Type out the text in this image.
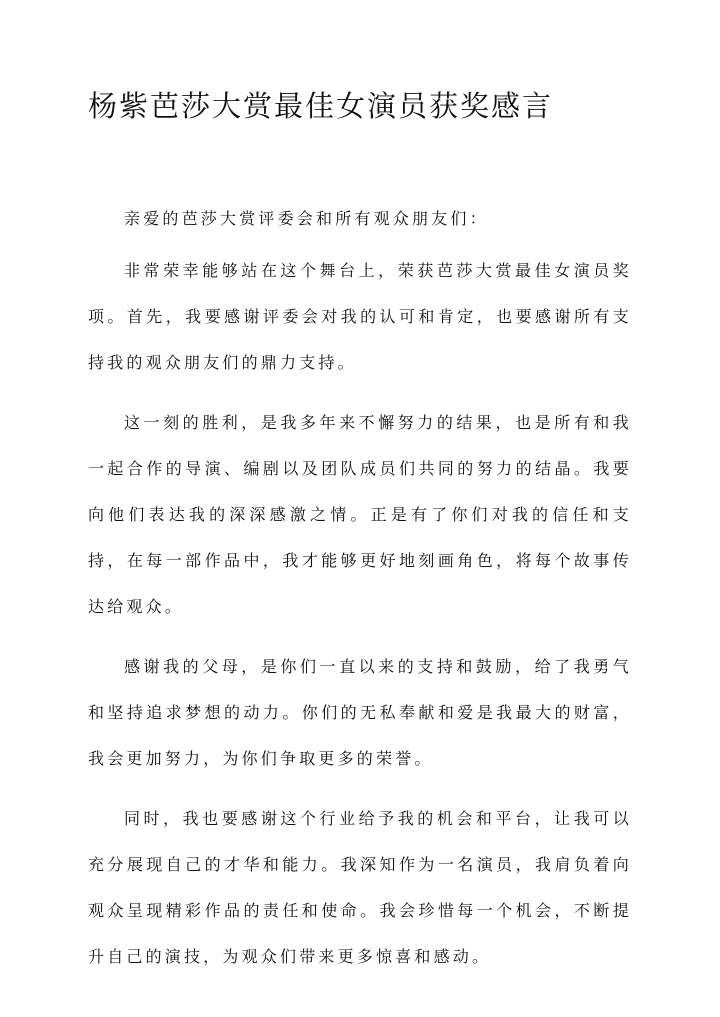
杨紫芭莎大赏最佳女演员获奖感言

亲爱的芭莎大赏评委会和所有观众朋友们：

非常荣幸能够站在这个舞台上，荣获芭莎大赏最佳女演员奖项。首先，我要感谢评委会对我的认可和肯定，也要感谢所有支持我的观众朋友们的鼎力支持。

这一刻的胜利，是我多年来不懈努力的结果，也是所有和我一起合作的导演、编剧以及团队成员们共同的努力的结晶。我要向他们表达我的深深感激之情。正是有了你们对我的信任和支持，在每一部作品中，我才能够更好地刻画角色，将每个故事传达给观众。

感谢我的父母，是你们一直以来的支持和鼓励，给了我勇气和坚持追求梦想的动力。你们的无私奉献和爱是我最大的财富，我会更加努力，为你们争取更多的荣誉。

同时，我也要感谢这个行业给予我的机会和平台，让我可以充分展现自己的才华和能力。我深知作为一名演员，我肩负着向观众呈现精彩作品的责任和使命。我会珍惜每一个机会，不断提升自己的演技，为观众们带来更多惊喜和感动。
